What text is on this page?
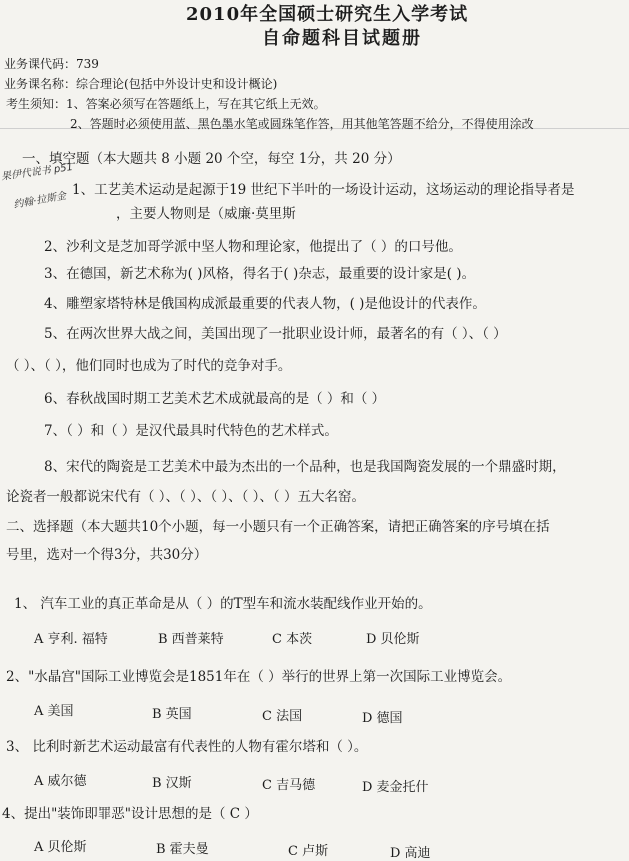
2010年全国硕士研究生入学考试
自命题科目试题册
业务课代码：739
业务课名称：综合理论(包括中外设计史和设计概论)
考生须知：1、答案必须写在答题纸上，写在其它纸上无效。
2、答题时必须使用蓝、黑色墨水笔或圆珠笔作答，用其他笔答题不给分，不得使用涂改
一、填空题（本大题共 8 小题 20 个空，每空 1分，共 20 分）
果伊代说书 p51
约翰·拉斯金
1、工艺美术运动是起源于19 世纪下半叶的一场设计运动，这场运动的理论指导者是
，主要人物则是（威廉·莫里斯
2、沙利文是芝加哥学派中坚人物和理论家，他提出了（ ）的口号他。
3、在德国，新艺术称为( )风格，得名于( )杂志，最重要的设计家是( )。
4、雕塑家塔特林是俄国构成派最重要的代表人物，( )是他设计的代表作。
5、在两次世界大战之间，美国出现了一批职业设计师，最著名的有（ ）、（ ）
（ ）、（ ），他们同时也成为了时代的竞争对手。
6、春秋战国时期工艺美术艺术成就最高的是（ ）和（ ）
7、（ ）和（ ）是汉代最具时代特色的艺术样式。
8、宋代的陶瓷是工艺美术中最为杰出的一个品种，也是我国陶瓷发展的一个鼎盛时期，
论瓷者一般都说宋代有（ ）、（ ）、（ ）、（ ）、（ ）五大名窑。
二、选择题（本大题共10个小题，每一小题只有一个正确答案，请把正确答案的序号填在括
号里，选对一个得3分，共30分）
1、 汽车工业的真正革命是从（ ）的T型车和流水装配线作业开始的。
A 亨利. 福特	B 西普莱特	C 本茨	D 贝伦斯
2、"水晶宫"国际工业博览会是1851年在（ ）举行的世界上第一次国际工业博览会。
A 美国	B 英国	C 法国	D 德国
3、 比利时新艺术运动最富有代表性的人物有霍尔塔和（ ）。
A 威尔德	B 汉斯	C 吉马德	D 麦金托什
4、提出"装饰即罪恶"设计思想的是（ C ）
A 贝伦斯	B 霍夫曼	C 卢斯	D 高迪
